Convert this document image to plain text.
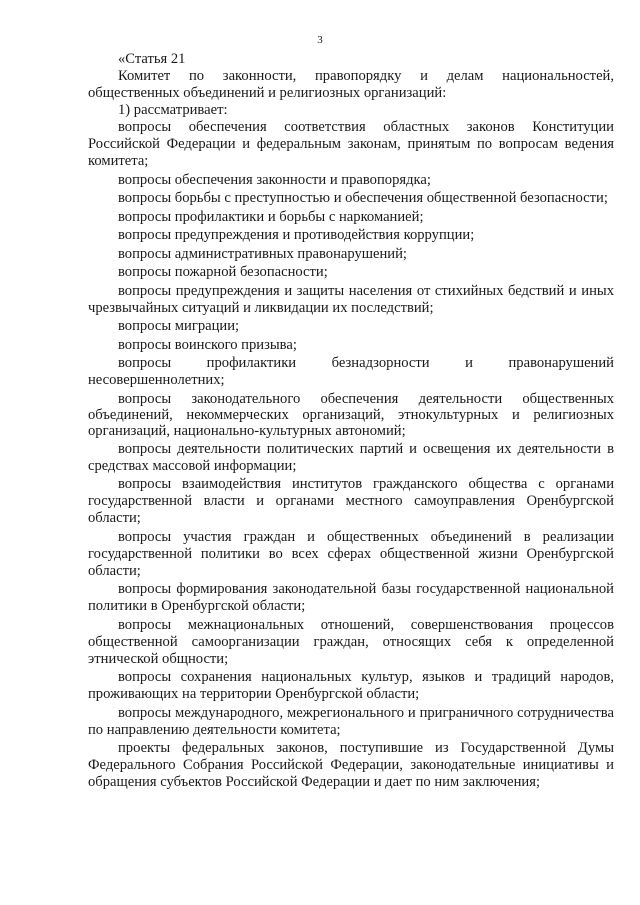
3

«Статья 21

Комитет по законности, правопорядку и делам национальностей, общественных объединений и религиозных организаций:

1) рассматривает:

вопросы обеспечения соответствия областных законов Конституции Российской Федерации и федеральным законам, принятым по вопросам ведения комитета;

вопросы обеспечения законности и правопорядка;

вопросы борьбы с преступностью и обеспечения общественной безопасности;

вопросы профилактики и борьбы с наркоманией;

вопросы предупреждения и противодействия коррупции;

вопросы административных правонарушений;

вопросы пожарной безопасности;

вопросы предупреждения и защиты населения от стихийных бедствий и иных чрезвычайных ситуаций и ликвидации их последствий;

вопросы миграции;

вопросы воинского призыва;

вопросы профилактики безнадзорности и правонарушений несовершеннолетних;

вопросы законодательного обеспечения деятельности общественных объединений, некоммерческих организаций, этнокультурных и религиозных организаций, национально-культурных автономий;

вопросы деятельности политических партий и освещения их деятельности в средствах массовой информации;

вопросы взаимодействия институтов гражданского общества с органами государственной власти и органами местного самоуправления Оренбургской области;

вопросы участия граждан и общественных объединений в реализации государственной политики во всех сферах общественной жизни Оренбургской области;

вопросы формирования законодательной базы государственной национальной политики в Оренбургской области;

вопросы межнациональных отношений, совершенствования процессов общественной самоорганизации граждан, относящих себя к определенной этнической общности;

вопросы сохранения национальных культур, языков и традиций народов, проживающих на территории Оренбургской области;

вопросы международного, межрегионального и приграничного сотрудничества по направлению деятельности комитета;

проекты федеральных законов, поступившие из Государственной Думы Федерального Собрания Российской Федерации, законодательные инициативы и обращения субъектов Российской Федерации и дает по ним заключения;
